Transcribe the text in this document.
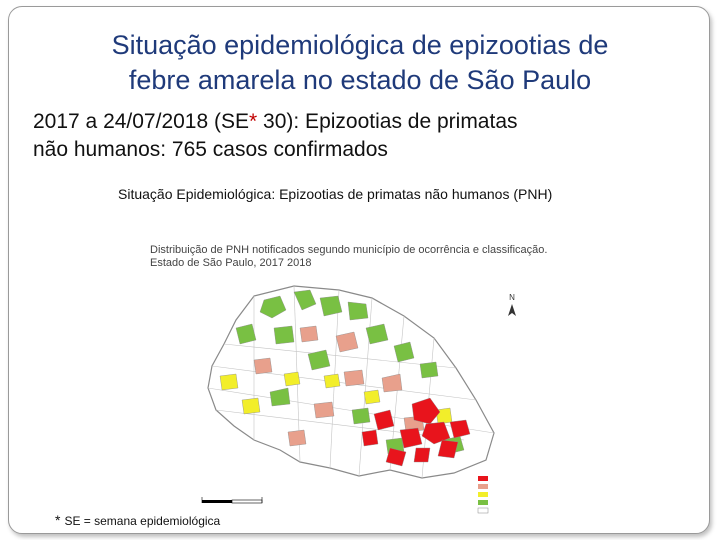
Situação epidemiológica de epizootias de
febre amarela no estado de São Paulo
2017 a 24/07/2018 (SE* 30): Epizootias de primatas
não humanos: 765 casos confirmados
Situação Epidemiológica: Epizootias de primatas não humanos (PNH)
Distribuição de PNH notificados segundo município de ocorrência e classificação.
Estado de São Paulo, 2017 2018
N
* SE = semana epidemiológica
